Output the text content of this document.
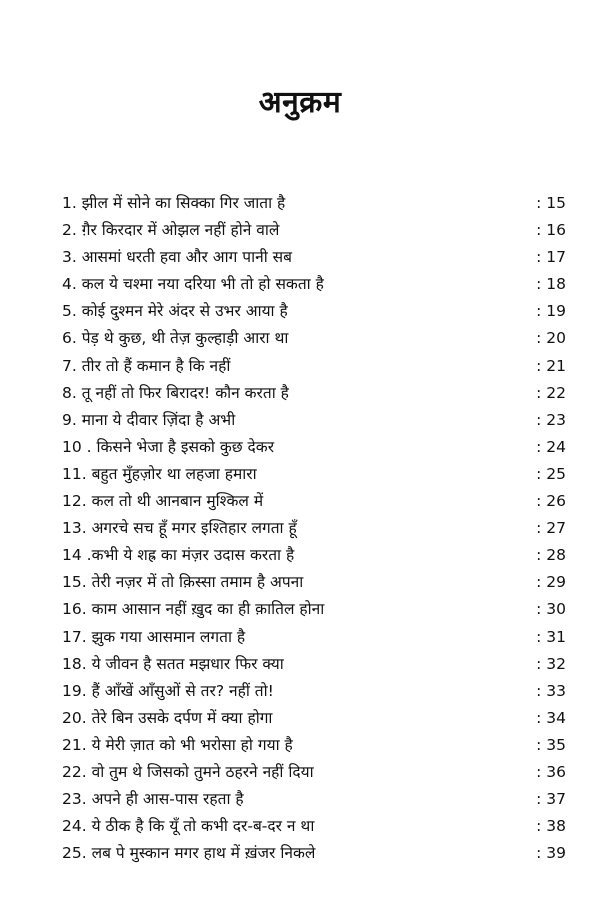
अनुक्रम
1. झील में सोने का सिक्का गिर जाता है	: 15
2. ग़ैर किरदार में ओझल नहीं होने वाले	: 16
3. आसमां धरती हवा और आग पानी सब	: 17
4. कल ये चश्मा नया दरिया भी तो हो सकता है	: 18
5. कोई दुश्मन मेरे अंदर से उभर आया है	: 19
6. पेड़ थे कुछ, थी तेज़ कुल्हाड़ी आरा था	: 20
7. तीर तो हैं कमान है कि नहीं	: 21
8. तू नहीं तो फिर बिरादर! कौन करता है	: 22
9. माना ये दीवार ज़िंदा है अभी	: 23
10 . किसने भेजा है इसको कुछ देकर	: 24
11. बहुत मुँहज़ोर था लहजा हमारा	: 25
12. कल तो थी आनबान मुश्किल में	: 26
13. अगरचे सच हूँ मगर इश्तिहार लगता हूँ	: 27
14 .कभी ये शह्र का मंज़र उदास करता है	: 28
15. तेरी नज़र में तो क़िस्सा तमाम है अपना	: 29
16. काम आसान नहीं ख़ुद का ही क़ातिल होना	: 30
17. झुक गया आसमान लगता है	: 31
18. ये जीवन है सतत मझधार फिर क्या	: 32
19. हैं आँखें आँसुओं से तर? नहीं तो!	: 33
20. तेरे बिन उसके दर्पण में क्या होगा	: 34
21. ये मेरी ज़ात को भी भरोसा हो गया है	: 35
22. वो तुम थे जिसको तुमने ठहरने नहीं दिया	: 36
23. अपने ही आस-पास रहता है	: 37
24. ये ठीक है कि यूँ तो कभी दर-ब-दर न था	: 38
25. लब पे मुस्कान मगर हाथ में ख़ंजर निकले	: 39
